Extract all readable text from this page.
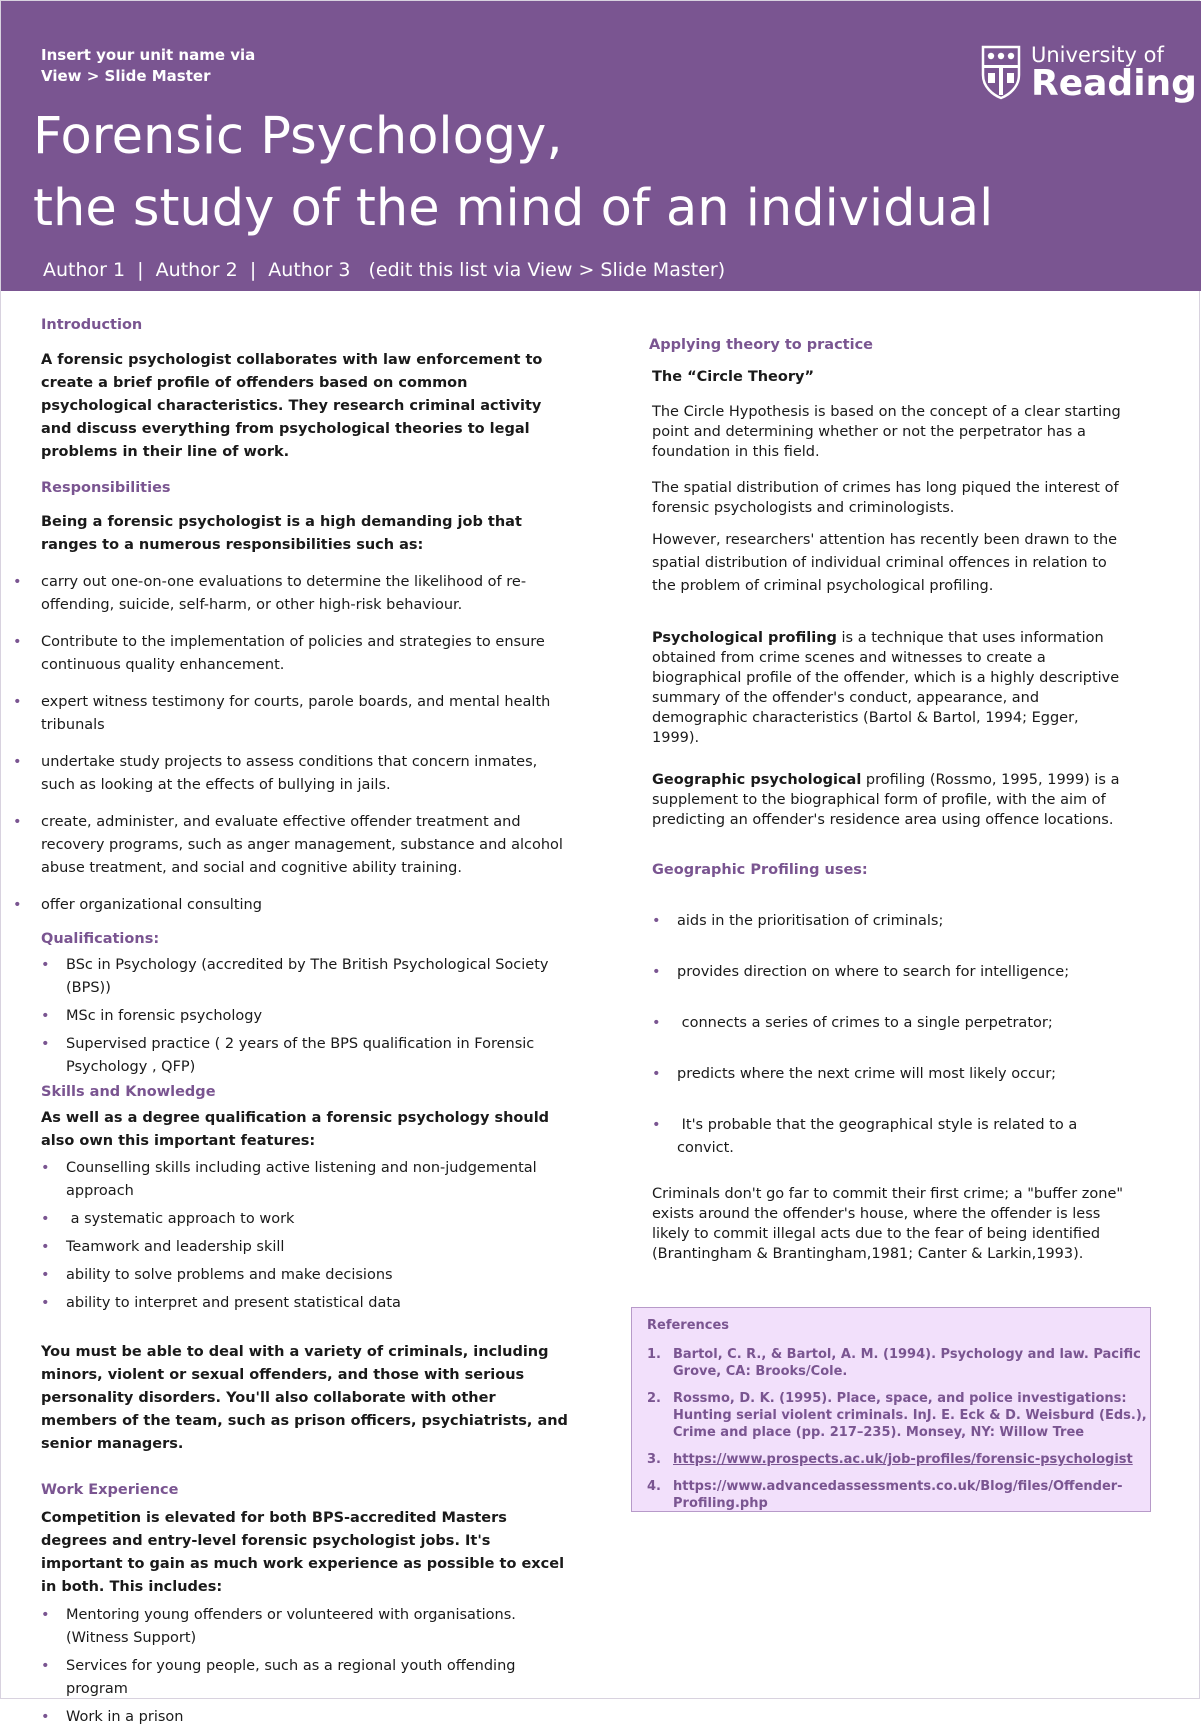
Insert your unit name via
View > Slide Master
University of
Reading
Forensic Psychology,
the study of the mind of an individual
Author 1  |  Author 2  |  Author 3   (edit this list via View > Slide Master)
Introduction
A forensic psychologist collaborates with law enforcement to create a brief profile of offenders based on common psychological characteristics. They research criminal activity and discuss everything from psychological theories to legal problems in their line of work.
Responsibilities
Being a forensic psychologist is a high demanding job that ranges to a numerous responsibilities such as:
• carry out one-on-one evaluations to determine the likelihood of re-offending, suicide, self-harm, or other high-risk behaviour.
• Contribute to the implementation of policies and strategies to ensure continuous quality enhancement.
• expert witness testimony for courts, parole boards, and mental health tribunals
• undertake study projects to assess conditions that concern inmates, such as looking at the effects of bullying in jails.
• create, administer, and evaluate effective offender treatment and recovery programs, such as anger management, substance and alcohol abuse treatment, and social and cognitive ability training.
• offer organizational consulting
Qualifications:
• BSc in Psychology (accredited by The British Psychological Society (BPS))
• MSc in forensic psychology
• Supervised practice ( 2 years of the BPS qualification in Forensic Psychology , QFP)
Skills and Knowledge
As well as a degree qualification a forensic psychology should also own this important features:
• Counselling skills including active listening and non-judgemental approach
•  a systematic approach to work
• Teamwork and leadership skill
• ability to solve problems and make decisions
• ability to interpret and present statistical data
You must be able to deal with a variety of criminals, including minors, violent or sexual offenders, and those with serious personality disorders. You'll also collaborate with other members of the team, such as prison officers, psychiatrists, and senior managers.
Work Experience
Competition is elevated for both BPS-accredited Masters degrees and entry-level forensic psychologist jobs. It's important to gain as much work experience as possible to excel in both. This includes:
• Mentoring young offenders or volunteered with organisations.(Witness Support)
• Services for young people, such as a regional youth offending program
• Work in a prison
Applying theory to practice
The “Circle Theory”
The Circle Hypothesis is based on the concept of a clear starting point and determining whether or not the perpetrator has a foundation in this field.
The spatial distribution of crimes has long piqued the interest of forensic psychologists and criminologists.
However, researchers' attention has recently been drawn to the spatial distribution of individual criminal offences in relation to the problem of criminal psychological profiling.
Psychological profiling is a technique that uses information obtained from crime scenes and witnesses to create a biographical profile of the offender, which is a highly descriptive summary of the offender's conduct, appearance, and demographic characteristics (Bartol & Bartol, 1994; Egger, 1999).
Geographic psychological profiling (Rossmo, 1995, 1999) is a supplement to the biographical form of profile, with the aim of predicting an offender's residence area using offence locations.
Geographic Profiling uses:
• aids in the prioritisation of criminals;
• provides direction on where to search for intelligence;
•  connects a series of crimes to a single perpetrator;
• predicts where the next crime will most likely occur;
•  It's probable that the geographical style is related to a convict.
Criminals don't go far to commit their first crime; a "buffer zone" exists around the offender's house, where the offender is less likely to commit illegal acts due to the fear of being identified (Brantingham & Brantingham,1981; Canter & Larkin,1993).
References
1. Bartol, C. R., & Bartol, A. M. (1994). Psychology and law. Pacific Grove, CA: Brooks/Cole.
2. Rossmo, D. K. (1995). Place, space, and police investigations: Hunting serial violent criminals. InJ. E. Eck & D. Weisburd (Eds.), Crime and place (pp. 217–235). Monsey, NY: Willow Tree
3. https://www.prospects.ac.uk/job-profiles/forensic-psychologist
4. https://www.advancedassessments.co.uk/Blog/files/Offender-Profiling.php
